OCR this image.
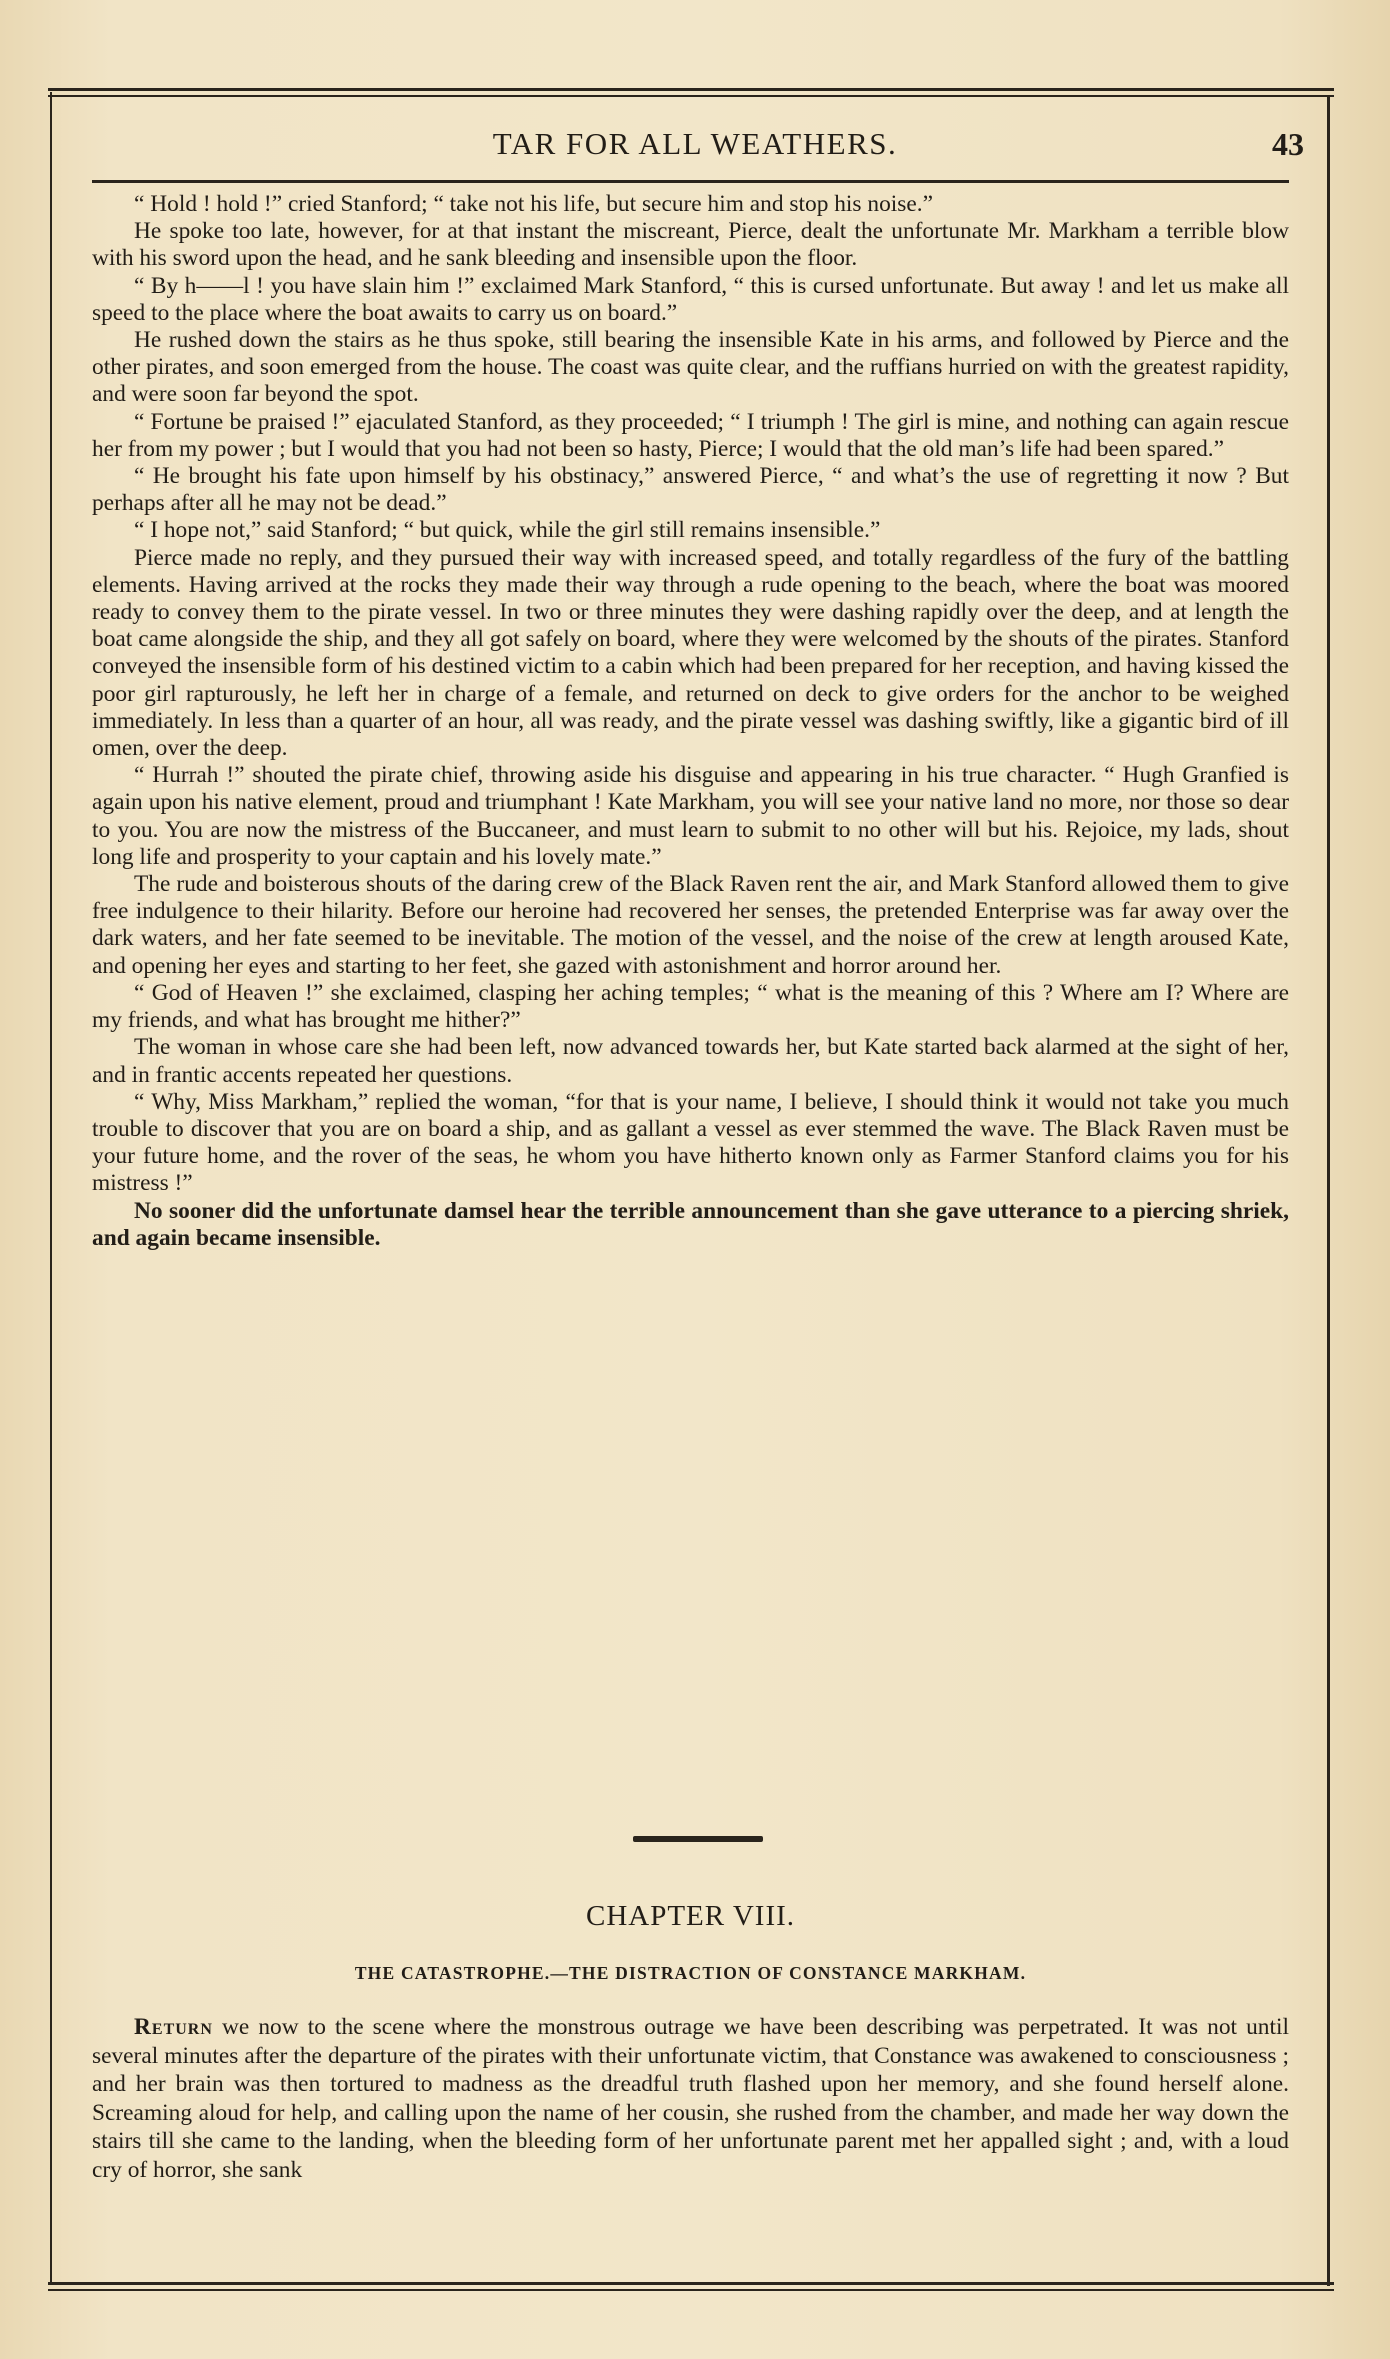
TAR FOR ALL WEATHERS.	43

“ Hold ! hold !” cried Stanford; “ take not his life, but secure him and stop his noise.”

He spoke too late, however, for at that instant the miscreant, Pierce, dealt the unfortunate Mr. Markham a terrible blow with his sword upon the head, and he sank bleeding and insensible upon the floor.

“ By h——l ! you have slain him !” exclaimed Mark Stanford, “ this is cursed unfortunate. But away ! and let us make all speed to the place where the boat awaits to carry us on board.”

He rushed down the stairs as he thus spoke, still bearing the insensible Kate in his arms, and followed by Pierce and the other pirates, and soon emerged from the house. The coast was quite clear, and the ruffians hurried on with the greatest rapidity, and were soon far beyond the spot.

“ Fortune be praised !” ejaculated Stanford, as they proceeded; “ I triumph ! The girl is mine, and nothing can again rescue her from my power ; but I would that you had not been so hasty, Pierce; I would that the old man’s life had been spared.”

“ He brought his fate upon himself by his obstinacy,” answered Pierce, “ and what’s the use of regretting it now ? But perhaps after all he may not be dead.”

“ I hope not,” said Stanford; “ but quick, while the girl still remains insensible.”

Pierce made no reply, and they pursued their way with increased speed, and totally regardless of the fury of the battling elements. Having arrived at the rocks they made their way through a rude opening to the beach, where the boat was moored ready to convey them to the pirate vessel. In two or three minutes they were dashing rapidly over the deep, and at length the boat came alongside the ship, and they all got safely on board, where they were welcomed by the shouts of the pirates. Stanford conveyed the insensible form of his destined victim to a cabin which had been prepared for her reception, and having kissed the poor girl rapturously, he left her in charge of a female, and returned on deck to give orders for the anchor to be weighed immediately. In less than a quarter of an hour, all was ready, and the pirate vessel was dashing swiftly, like a gigantic bird of ill omen, over the deep.

“ Hurrah !” shouted the pirate chief, throwing aside his disguise and appearing in his true character. “ Hugh Granfied is again upon his native element, proud and triumphant ! Kate Markham, you will see your native land no more, nor those so dear to you. You are now the mistress of the Buccaneer, and must learn to submit to no other will but his. Rejoice, my lads, shout long life and prosperity to your captain and his lovely mate.”

The rude and boisterous shouts of the daring crew of the Black Raven rent the air, and Mark Stanford allowed them to give free indulgence to their hilarity. Before our heroine had recovered her senses, the pretended Enterprise was far away over the dark waters, and her fate seemed to be inevitable. The motion of the vessel, and the noise of the crew at length aroused Kate, and opening her eyes and starting to her feet, she gazed with astonishment and horror around her.

“ God of Heaven !” she exclaimed, clasping her aching temples; “ what is the meaning of this ? Where am I? Where are my friends, and what has brought me hither?”

The woman in whose care she had been left, now advanced towards her, but Kate started back alarmed at the sight of her, and in frantic accents repeated her questions.

“ Why, Miss Markham,” replied the woman, “for that is your name, I believe, I should think it would not take you much trouble to discover that you are on board a ship, and as gallant a vessel as ever stemmed the wave. The Black Raven must be your future home, and the rover of the seas, he whom you have hitherto known only as Farmer Stanford claims you for his mistress !”

No sooner did the unfortunate damsel hear the terrible announcement than she gave utterance to a piercing shriek, and again became insensible.

CHAPTER VIII.
THE CATASTROPHE.—THE DISTRACTION OF CONSTANCE MARKHAM.

Return we now to the scene where the monstrous outrage we have been describing was perpetrated. It was not until several minutes after the departure of the pirates with their unfortunate victim, that Constance was awakened to consciousness ; and her brain was then tortured to madness as the dreadful truth flashed upon her memory, and she found herself alone. Screaming aloud for help, and calling upon the name of her cousin, she rushed from the chamber, and made her way down the stairs till she came to the landing, when the bleeding form of her unfortunate parent met her appalled sight ; and, with a loud cry of horror, she sank
